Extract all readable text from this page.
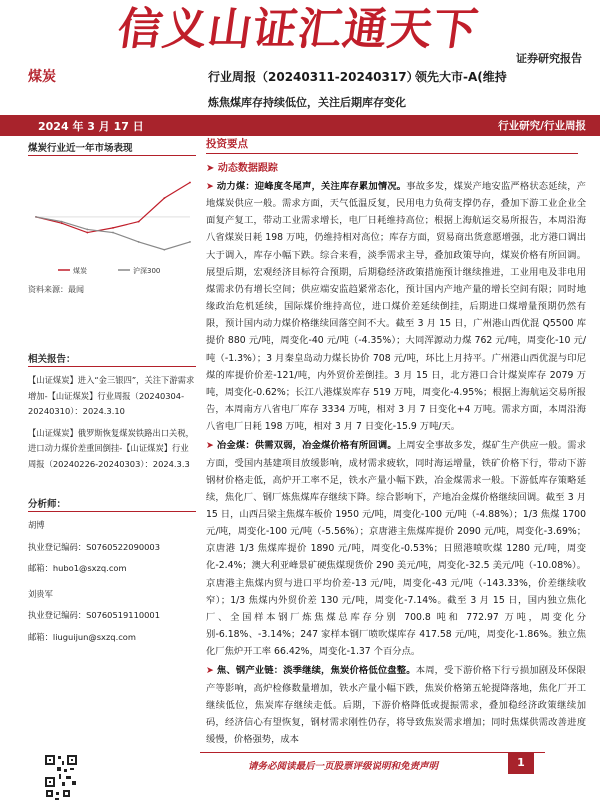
信义山证汇通天下
证券研究报告
煤炭	行业周报（20240311-20240317）
领先大市-A(维持
炼焦煤库存持续低位，关注后期库存变化
2024 年 3 月 17 日	行业研究/行业周报
煤炭行业近一年市场表现
煤炭	沪深300
资料来源：最闻
相关报告：
【山证煤炭】进入“金三银四”，关注下游需求增加-【山证煤炭】行业周报（20240304-20240310）：2024.3.10
【山证煤炭】俄罗斯恢复煤炭铁路出口关税，进口动力煤价差重回倒挂-【山证煤炭】行业周报（20240226-20240303）：2024.3.3
分析师：
胡博
执业登记编码：S0760522090003
邮箱：hubo1@sxzq.com
刘贵军
执业登记编码：S0760519110001
邮箱：liuguijun@sxzq.com
投资要点
➤ 动态数据跟踪
➤ 动力煤：迎峰度冬尾声，关注库存累加情况。事故多发，煤炭产地安监严格状态延续，产地煤炭供应一般。需求方面，天气低温反复，民用电力负荷支撑仍存，叠加下游工业企业全面复产复工，带动工业需求增长，电厂日耗维持高位；根据上海航运交易所报告，本周沿海八省煤炭日耗 198 万吨，仍维持相对高位；库存方面，贸易商出货意愿增强，北方港口调出大于调入，库存小幅下跌。综合来看，淡季需求主导，叠加政策导向，煤炭价格有所回调。展望后期，宏观经济目标符合预期，后期稳经济政策措施预计继续推进，工业用电及非电用煤需求仍有增长空间；供应端安监趋紧常态化，预计国内产地产量的增长空间有限；同时地缘政治危机延续，国际煤价维持高位，进口煤价差延续倒挂，后期进口煤增量预期仍然有限，预计国内动力煤价格继续回落空间不大。截至 3 月 15 日，广州港山西优混 Q5500 库提价 880 元/吨，周变化-40 元/吨（-4.35%）；大同浑源动力煤 762 元/吨，周变化-10 元/吨（-1.3%）；3 月秦皇岛动力煤长协价 708 元/吨，环比上月持平。广州港山西优混与印尼煤的库提价价差-121/吨，内外贸价差倒挂。3 月 15 日，北方港口合计煤炭库存 2079 万吨，周变化-0.62%；长江八港煤炭库存 519 万吨，周变化-4.95%；根据上海航运交易所报告，本周南方八省电厂库存 3334 万吨，相对 3 月 7 日变化+4 万吨。需求方面，本周沿海八省电厂日耗 198 万吨，相对 3 月 7 日变化-15.9 万吨/天。
➤ 冶金煤：供需双弱，冶金煤价格有所回调。上周安全事故多发，煤矿生产供应一般。需求方面，受国内基建项目放缓影响，成材需求疲软，同时海运增量，铁矿价格下行，带动下游钢材价格走低，高炉开工率不足，铁水产量小幅下跌，冶金煤需求一般。下游低库存策略延续，焦化厂、钢厂炼焦煤库存继续下降。综合影响下，产地冶金煤价格继续回调。截至 3 月 15 日，山西吕梁主焦煤车板价 1950 元/吨，周变化-100 元/吨（-4.88%）；1/3 焦煤 1700 元/吨，周变化-100 元/吨（-5.56%）；京唐港主焦煤库提价 2090 元/吨，周变化-3.69%；京唐港 1/3 焦煤库提价 1890 元/吨，周变化-0.53%；日照港喷吹煤 1280 元/吨，周变化-2.4%；澳大利亚峰景矿硬焦煤现货价 290 美元/吨，周变化-32.5 美元/吨（-10.08%）。京唐港主焦煤内贸与进口平均价差-13 元/吨，周变化-43 元/吨（-143.33%，价差继续收窄）；1/3 焦煤内外贸价差 130 元/吨，周变化-7.14%。截至 3 月 15 日，国内独立焦化厂、全国样本钢厂炼焦煤总库存分别 700.8 吨和 772.97 万吨，周变化分别-6.18%、-3.14%；247 家样本钢厂喷吹煤库存 417.58 元/吨，周变化-1.86%。独立焦化厂焦炉开工率 66.42%，周变化-1.37 个百分点。
➤ 焦、钢产业链：淡季继续，焦炭价格低位盘整。本周，受下游价格下行亏损加剧及环保限产等影响，高炉检修数量增加，铁水产量小幅下跌，焦炭价格第五轮提降落地，焦化厂开工继续低位，焦炭库存继续走低。后期，下游价格降低或提振需求，叠加稳经济政策继续加码，经济信心有望恢复，钢材需求刚性仍存，将导致焦炭需求增加；同时焦煤供需改善进度缓慢，价格强势，成本
请务必阅读最后一页股票评级说明和免责声明	1
